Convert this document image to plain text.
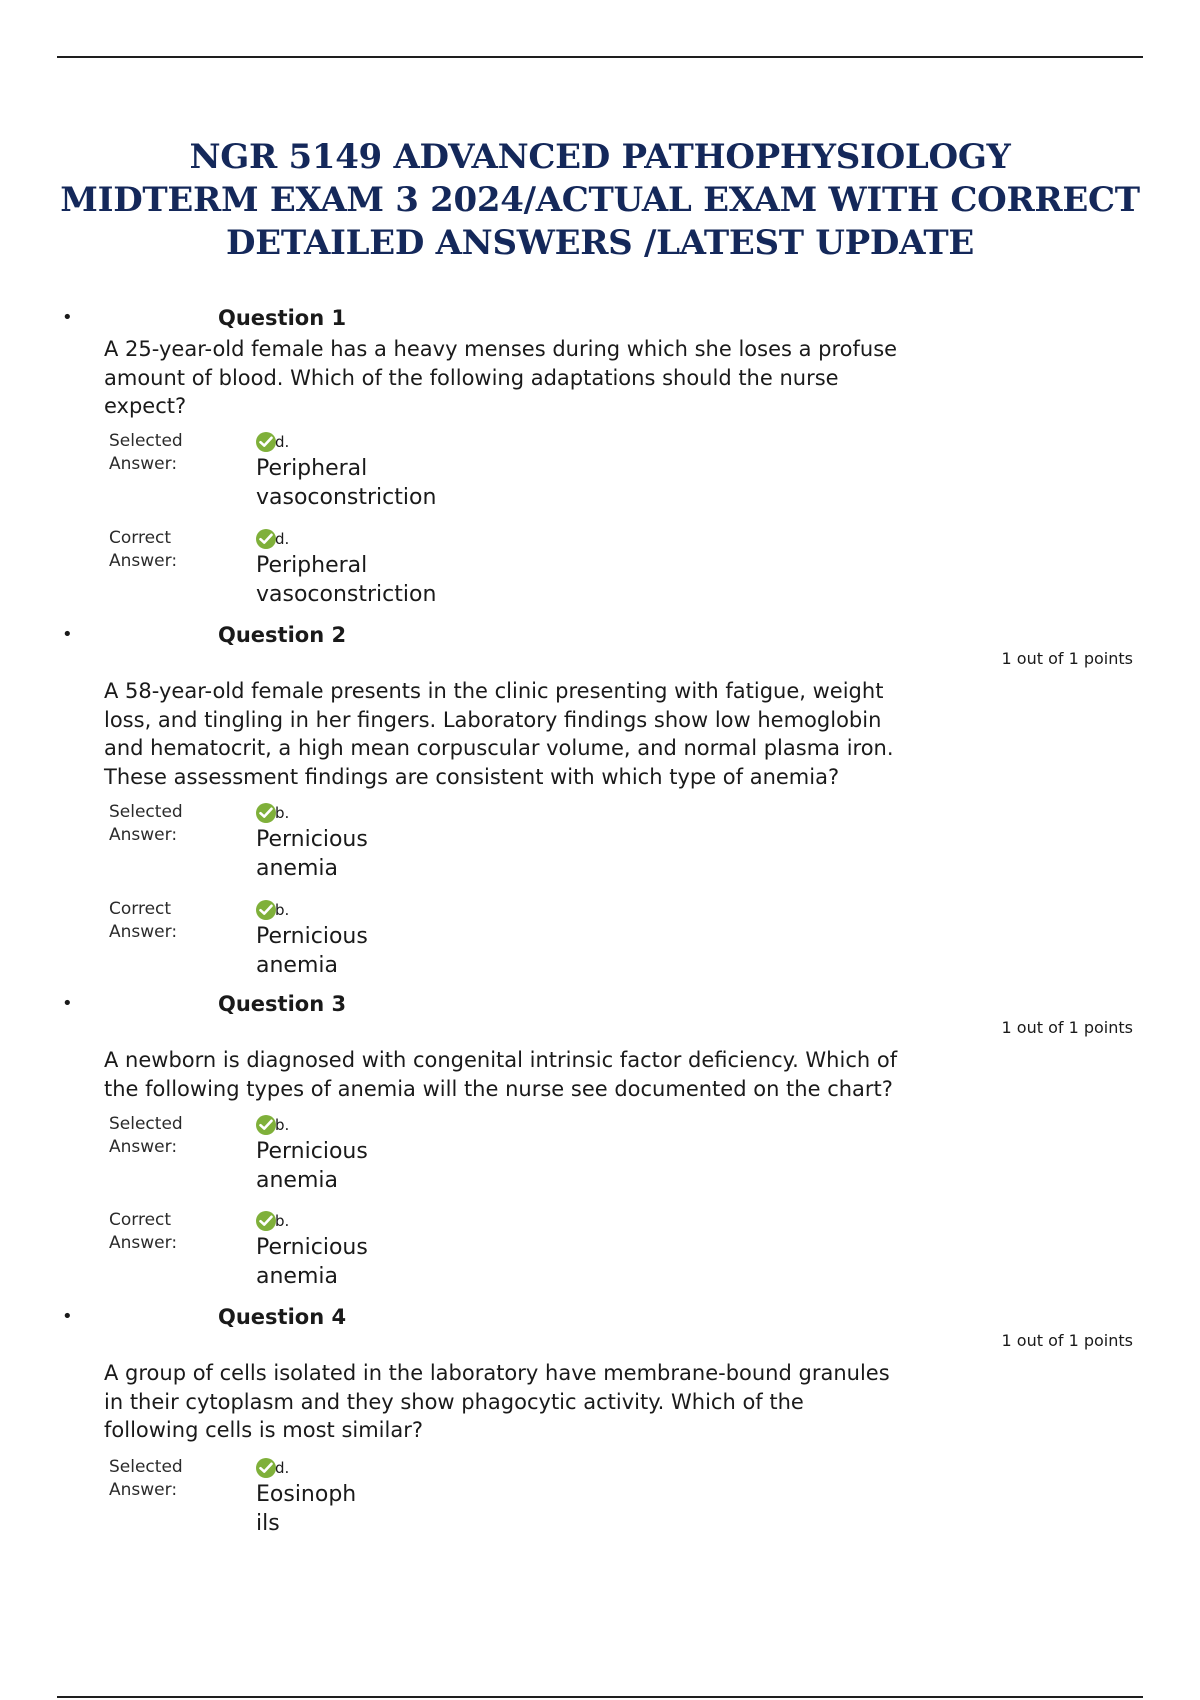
NGR 5149 ADVANCED PATHOPHYSIOLOGY
MIDTERM EXAM 3 2024/ACTUAL EXAM WITH CORRECT
DETAILED ANSWERS /LATEST UPDATE
•	Question 1
A 25-year-old female has a heavy menses during which she loses a profuse
amount of blood. Which of the following adaptations should the nurse
expect?
Selected
Answer:
d.
Peripheral
vasoconstriction
Correct
Answer:
d.
Peripheral
vasoconstriction
•	Question 2
1 out of 1 points
A 58-year-old female presents in the clinic presenting with fatigue, weight
loss, and tingling in her fingers. Laboratory findings show low hemoglobin
and hematocrit, a high mean corpuscular volume, and normal plasma iron.
These assessment findings are consistent with which type of anemia?
Selected
Answer:
b.
Pernicious
anemia
Correct
Answer:
b.
Pernicious
anemia
•	Question 3
1 out of 1 points
A newborn is diagnosed with congenital intrinsic factor deficiency. Which of
the following types of anemia will the nurse see documented on the chart?
Selected
Answer:
b.
Pernicious
anemia
Correct
Answer:
b.
Pernicious
anemia
•	Question 4
1 out of 1 points
A group of cells isolated in the laboratory have membrane-bound granules
in their cytoplasm and they show phagocytic activity. Which of the
following cells is most similar?
Selected
Answer:
d.
Eosinoph
ils
